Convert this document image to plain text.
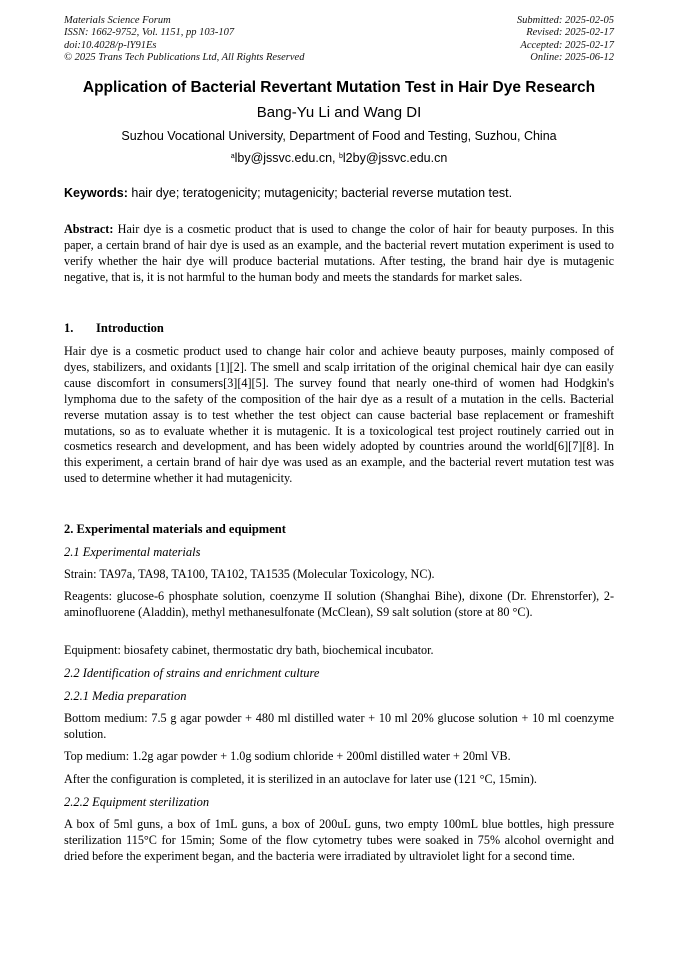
Materials Science Forum
ISSN: 1662-9752, Vol. 1151, pp 103-107
doi:10.4028/p-lY91Es
© 2025 Trans Tech Publications Ltd, All Rights Reserved
Submitted: 2025-02-05
Revised: 2025-02-17
Accepted: 2025-02-17
Online: 2025-06-12
Application of Bacterial Revertant Mutation Test in Hair Dye Research
Bang-Yu Li and Wang DI
Suzhou Vocational University, Department of Food and Testing, Suzhou, China
$^a$lby@jssvc.edu.cn, $^b$l2by@jssvc.edu.cn
Keywords: hair dye; teratogenicity; mutagenicity; bacterial reverse mutation test.

Abstract: Hair dye is a cosmetic product that is used to change the color of hair for beauty purposes. In this paper, a certain brand of hair dye is used as an example, and the bacterial revert mutation experiment is used to verify whether the hair dye will produce bacterial mutations. After testing, the brand hair dye is mutagenic negative, that is, it is not harmful to the human body and meets the standards for market sales.

1. Introduction

Hair dye is a cosmetic product used to change hair color and achieve beauty purposes, mainly composed of dyes, stabilizers, and oxidants [1][2]. The smell and scalp irritation of the original chemical hair dye can easily cause discomfort in consumers[3][4][5]. The survey found that nearly one-third of women had Hodgkin's lymphoma due to the safety of the composition of the hair dye as a result of a mutation in the cells. Bacterial reverse mutation assay is to test whether the test object can cause bacterial base replacement or frameshift mutations, so as to evaluate whether it is mutagenic. It is a toxicological test project routinely carried out in cosmetics research and development, and has been widely adopted by countries around the world[6][7][8]. In this experiment, a certain brand of hair dye was used as an example, and the bacterial revert mutation test was used to determine whether it had mutagenicity.

2. Experimental materials and equipment
2.1 Experimental materials

Strain: TA97a, TA98, TA100, TA102, TA1535 (Molecular Toxicology, NC).

Reagents: glucose-6 phosphate solution, coenzyme II solution (Shanghai Bihe), dixone (Dr. Ehrenstorfer), 2-aminofluorene (Aladdin), methyl methanesulfonate (McClean), S9 salt solution (store at 80 °C).

Equipment: biosafety cabinet, thermostatic dry bath, biochemical incubator.

2.2 Identification of strains and enrichment culture
2.2.1 Media preparation

Bottom medium: 7.5 g agar powder + 480 ml distilled water + 10 ml 20% glucose solution + 10 ml coenzyme solution.

Top medium: 1.2g agar powder + 1.0g sodium chloride + 200ml distilled water + 20ml VB.

After the configuration is completed, it is sterilized in an autoclave for later use (121 °C, 15min).

2.2.2 Equipment sterilization

A box of 5ml guns, a box of 1mL guns, a box of 200uL guns, two empty 100mL blue bottles, high pressure sterilization 115°C for 15min; Some of the flow cytometry tubes were soaked in 75% alcohol overnight and dried before the experiment began, and the bacteria were irradiated by ultraviolet light for a second time.
